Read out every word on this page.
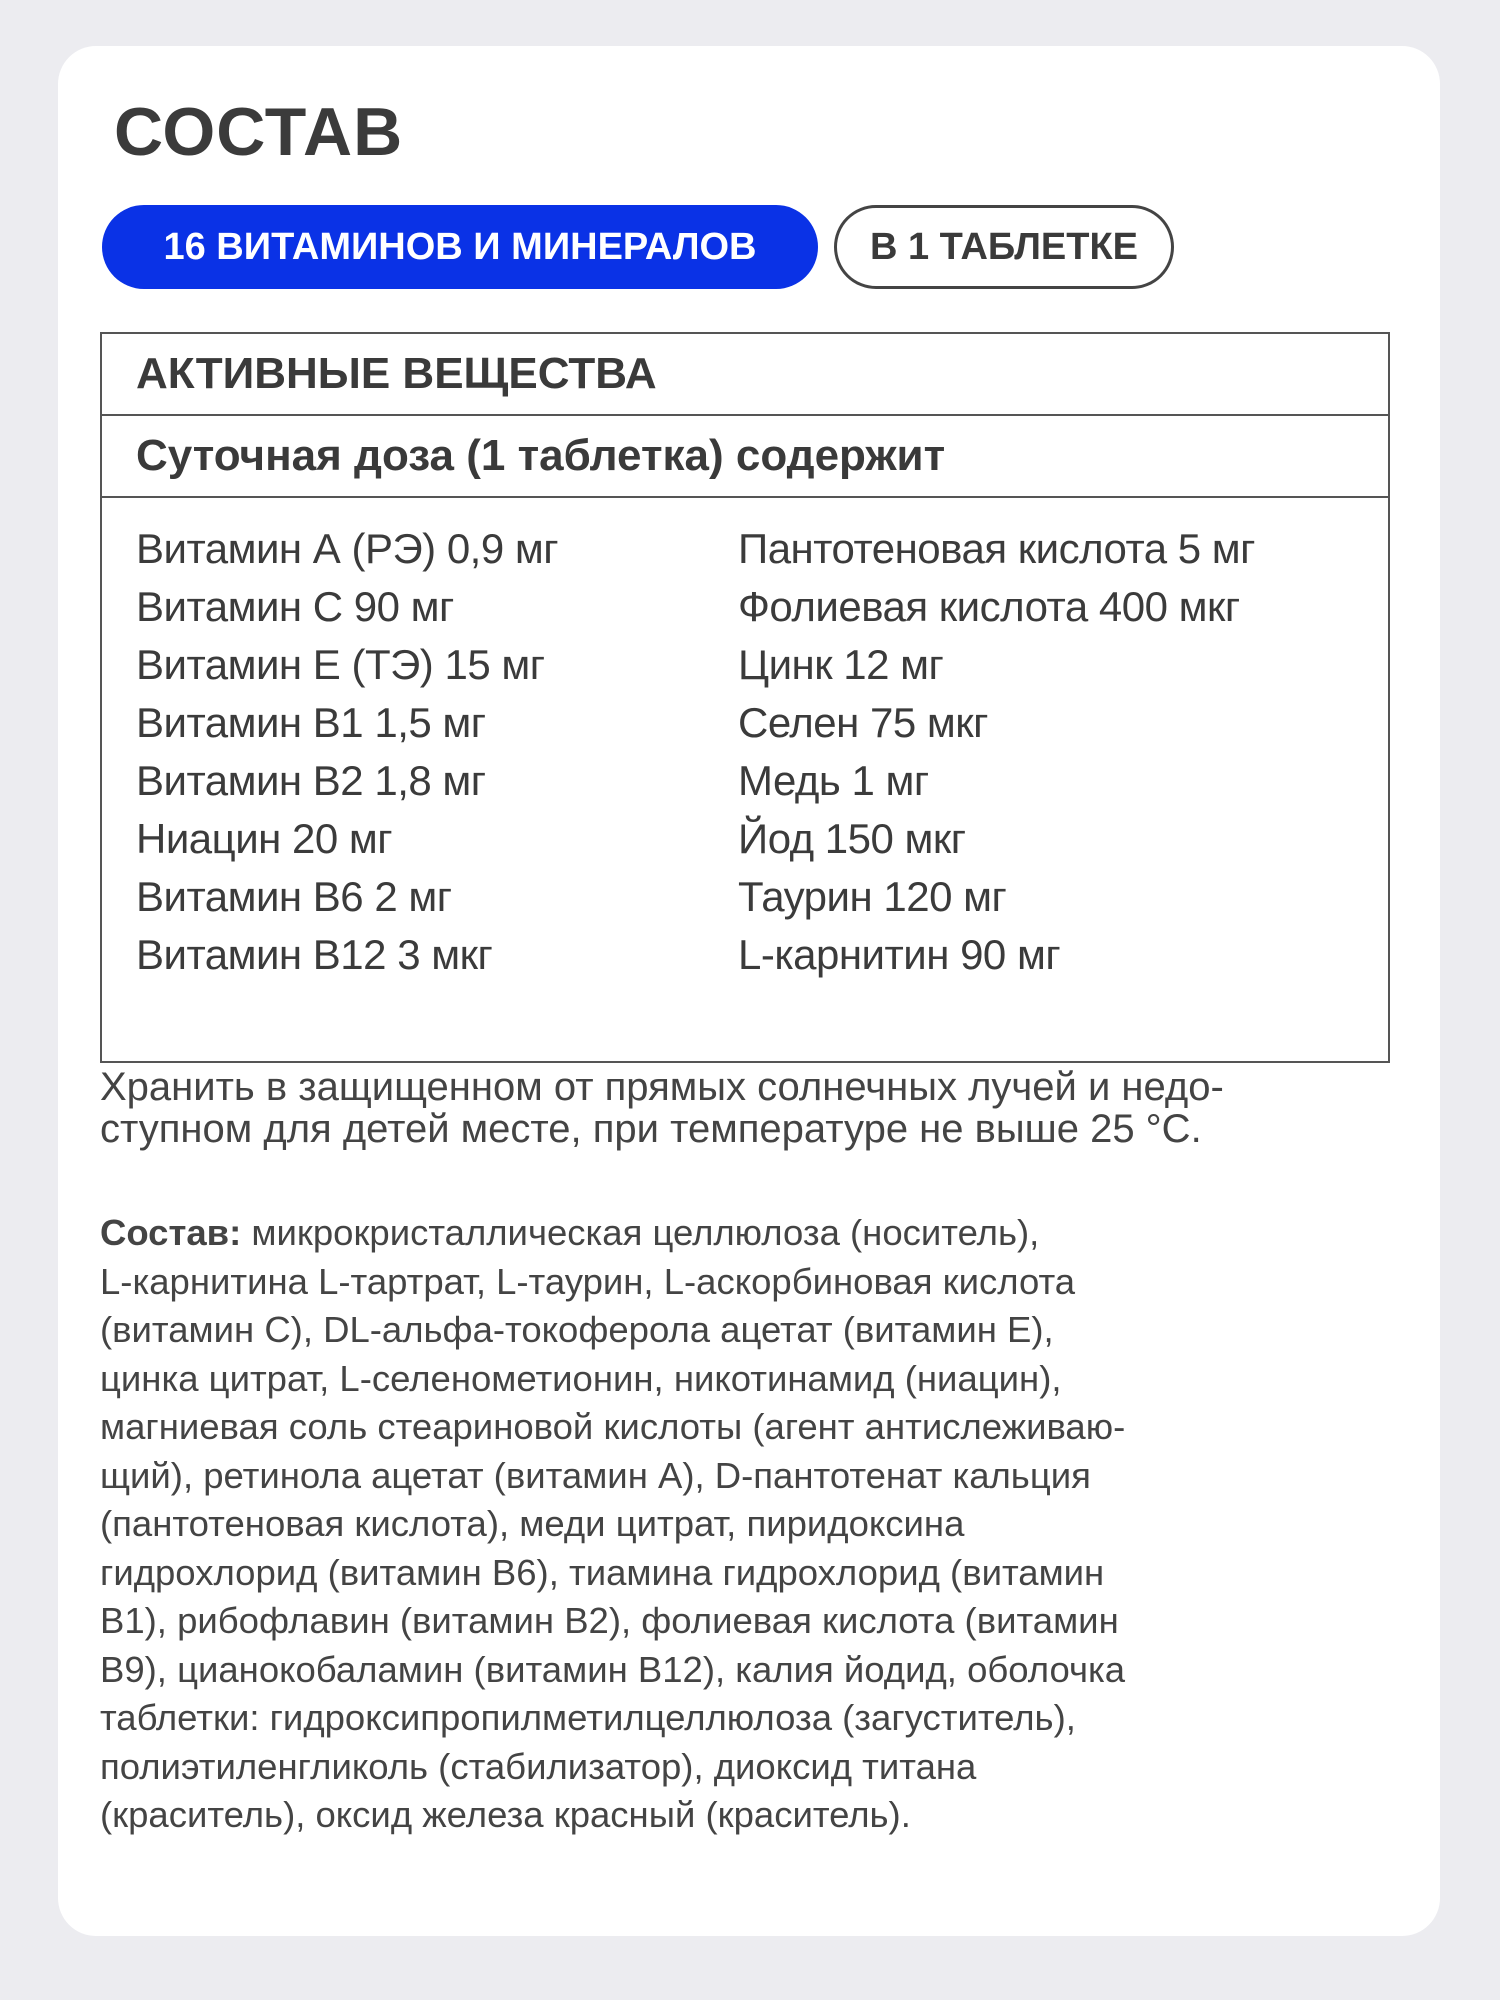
СОСТАВ
16 ВИТАМИНОВ И МИНЕРАЛОВ	В 1 ТАБЛЕТКЕ
АКТИВНЫЕ ВЕЩЕСТВА
Суточная доза (1 таблетка) содержит
Витамин А (РЭ) 0,9 мг
Витамин С 90 мг
Витамин Е (ТЭ) 15 мг
Витамин В1 1,5 мг
Витамин В2 1,8 мг
Ниацин 20 мг
Витамин В6 2 мг
Витамин В12 3 мкг
Пантотеновая кислота 5 мг
Фолиевая кислота 400 мкг
Цинк 12 мг
Селен 75 мкг
Медь 1 мг
Йод 150 мкг
Таурин 120 мг
L-карнитин 90 мг

Хранить в защищенном от прямых солнечных лучей и недо-
ступном для детей месте, при температуре не выше 25 °С.

Состав: микрокристаллическая целлюлоза (носитель),
L-карнитина L-тартрат, L-таурин, L-аскорбиновая кислота
(витамин С), DL-альфа-токоферола ацетат (витамин Е),
цинка цитрат, L-селенометионин, никотинамид (ниацин),
магниевая соль стеариновой кислоты (агент антислеживаю-
щий), ретинола ацетат (витамин А), D-пантотенат кальция
(пантотеновая кислота), меди цитрат, пиридоксина
гидрохлорид (витамин В6), тиамина гидрохлорид (витамин
В1), рибофлавин (витамин В2), фолиевая кислота (витамин
В9), цианокобаламин (витамин В12), калия йодид, оболочка
таблетки: гидроксипропилметилцеллюлоза (загуститель),
полиэтиленгликоль (стабилизатор), диоксид титана
(краситель), оксид железа красный (краситель).
